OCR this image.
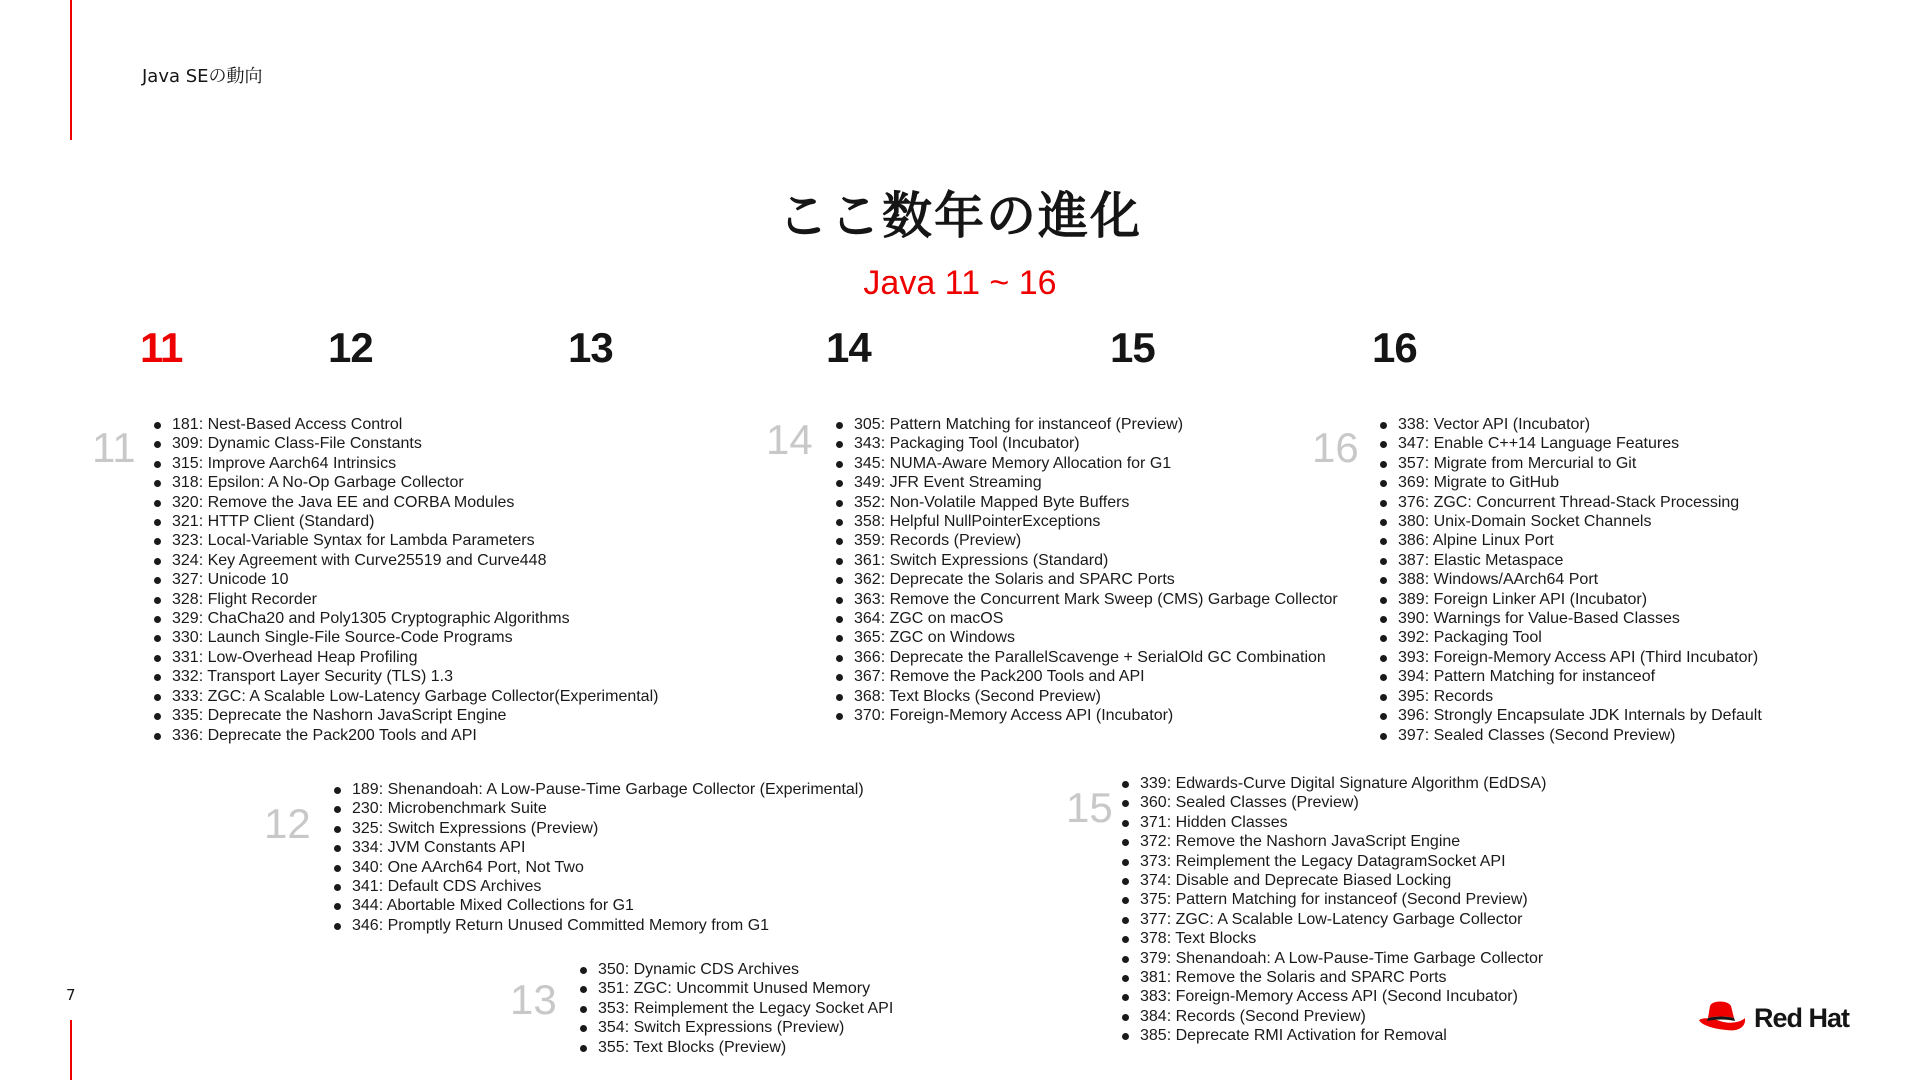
Java SEの動向
7
ここ数年の進化
Java 11 ~ 16
11	12	13	14	15	16
11
12
13
14
15
16
181: Nest-Based Access Control
309: Dynamic Class-File Constants
315: Improve Aarch64 Intrinsics
318: Epsilon: A No-Op Garbage Collector
320: Remove the Java EE and CORBA Modules
321: HTTP Client (Standard)
323: Local-Variable Syntax for Lambda Parameters
324: Key Agreement with Curve25519 and Curve448
327: Unicode 10
328: Flight Recorder
329: ChaCha20 and Poly1305 Cryptographic Algorithms
330: Launch Single-File Source-Code Programs
331: Low-Overhead Heap Profiling
332: Transport Layer Security (TLS) 1.3
333: ZGC: A Scalable Low-Latency Garbage Collector(Experimental)
335: Deprecate the Nashorn JavaScript Engine
336: Deprecate the Pack200 Tools and API
189: Shenandoah: A Low-Pause-Time Garbage Collector (Experimental)
230: Microbenchmark Suite
325: Switch Expressions (Preview)
334: JVM Constants API
340: One AArch64 Port, Not Two
341: Default CDS Archives
344: Abortable Mixed Collections for G1
346: Promptly Return Unused Committed Memory from G1
350: Dynamic CDS Archives
351: ZGC: Uncommit Unused Memory
353: Reimplement the Legacy Socket API
354: Switch Expressions (Preview)
355: Text Blocks (Preview)
305: Pattern Matching for instanceof (Preview)
343: Packaging Tool (Incubator)
345: NUMA-Aware Memory Allocation for G1
349: JFR Event Streaming
352: Non-Volatile Mapped Byte Buffers
358: Helpful NullPointerExceptions
359: Records (Preview)
361: Switch Expressions (Standard)
362: Deprecate the Solaris and SPARC Ports
363: Remove the Concurrent Mark Sweep (CMS) Garbage Collector
364: ZGC on macOS
365: ZGC on Windows
366: Deprecate the ParallelScavenge + SerialOld GC Combination
367: Remove the Pack200 Tools and API
368: Text Blocks (Second Preview)
370: Foreign-Memory Access API (Incubator)
339: Edwards-Curve Digital Signature Algorithm (EdDSA)
360: Sealed Classes (Preview)
371: Hidden Classes
372: Remove the Nashorn JavaScript Engine
373: Reimplement the Legacy DatagramSocket API
374: Disable and Deprecate Biased Locking
375: Pattern Matching for instanceof (Second Preview)
377: ZGC: A Scalable Low-Latency Garbage Collector
378: Text Blocks
379: Shenandoah: A Low-Pause-Time Garbage Collector
381: Remove the Solaris and SPARC Ports
383: Foreign-Memory Access API (Second Incubator)
384: Records (Second Preview)
385: Deprecate RMI Activation for Removal
338: Vector API (Incubator)
347: Enable C++14 Language Features
357: Migrate from Mercurial to Git
369: Migrate to GitHub
376: ZGC: Concurrent Thread-Stack Processing
380: Unix-Domain Socket Channels
386: Alpine Linux Port
387: Elastic Metaspace
388: Windows/AArch64 Port
389: Foreign Linker API (Incubator)
390: Warnings for Value-Based Classes
392: Packaging Tool
393: Foreign-Memory Access API (Third Incubator)
394: Pattern Matching for instanceof
395: Records
396: Strongly Encapsulate JDK Internals by Default
397: Sealed Classes (Second Preview)
Red Hat
